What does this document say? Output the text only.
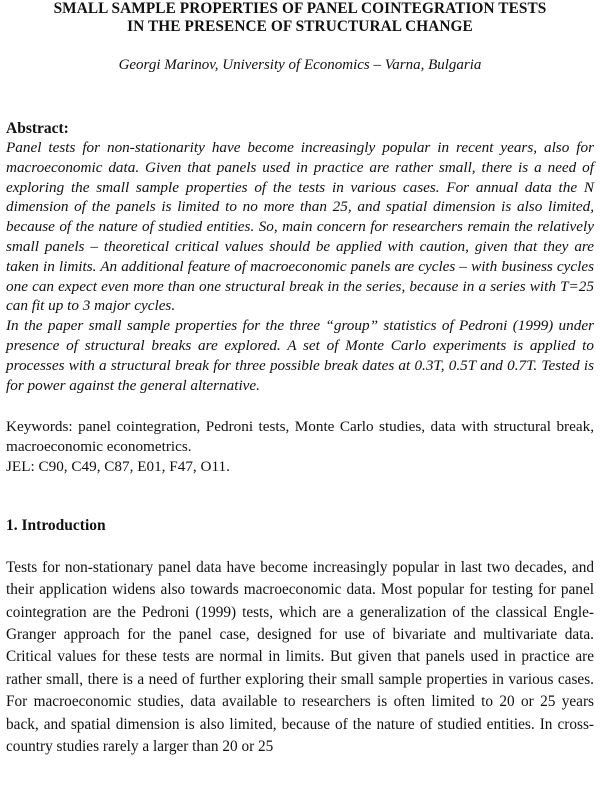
SMALL SAMPLE PROPERTIES OF PANEL COINTEGRATION TESTS
IN THE PRESENCE OF STRUCTURAL CHANGE
Georgi Marinov, University of Economics – Varna, Bulgaria
Abstract:

Panel tests for non-stationarity have become increasingly popular in recent years, also for macroeconomic data. Given that panels used in practice are rather small, there is a need of exploring the small sample properties of the tests in various cases. For annual data the N dimension of the panels is limited to no more than 25, and spatial dimension is also limited, because of the nature of studied entities. So, main concern for researchers remain the relatively small panels – theoretical critical values should be applied with caution, given that they are taken in limits. An additional feature of macroeconomic panels are cycles – with business cycles one can expect even more than one structural break in the series, because in a series with T=25 can fit up to 3 major cycles.

In the paper small sample properties for the three “group” statistics of Pedroni (1999) under presence of structural breaks are explored. A set of Monte Carlo experiments is applied to processes with a structural break for three possible break dates at 0.3T, 0.5T and 0.7T. Tested is for power against the general alternative.

Keywords: panel cointegration, Pedroni tests, Monte Carlo studies, data with structural break, macroeconomic econometrics.

JEL: C90, C49, C87, E01, F47, O11.

1. Introduction

Tests for non-stationary panel data have become increasingly popular in last two decades, and their application widens also towards macroeconomic data. Most popular for testing for panel cointegration are the Pedroni (1999) tests, which are a generalization of the classical Engle-Granger approach for the panel case, designed for use of bivariate and multivariate data. Critical values for these tests are normal in limits. But given that panels used in practice are rather small, there is a need of further exploring their small sample properties in various cases. For macroeconomic studies, data available to researchers is often limited to 20 or 25 years back, and spatial dimension is also limited, because of the nature of studied entities. In cross-country studies rarely a larger than 20 or 25
